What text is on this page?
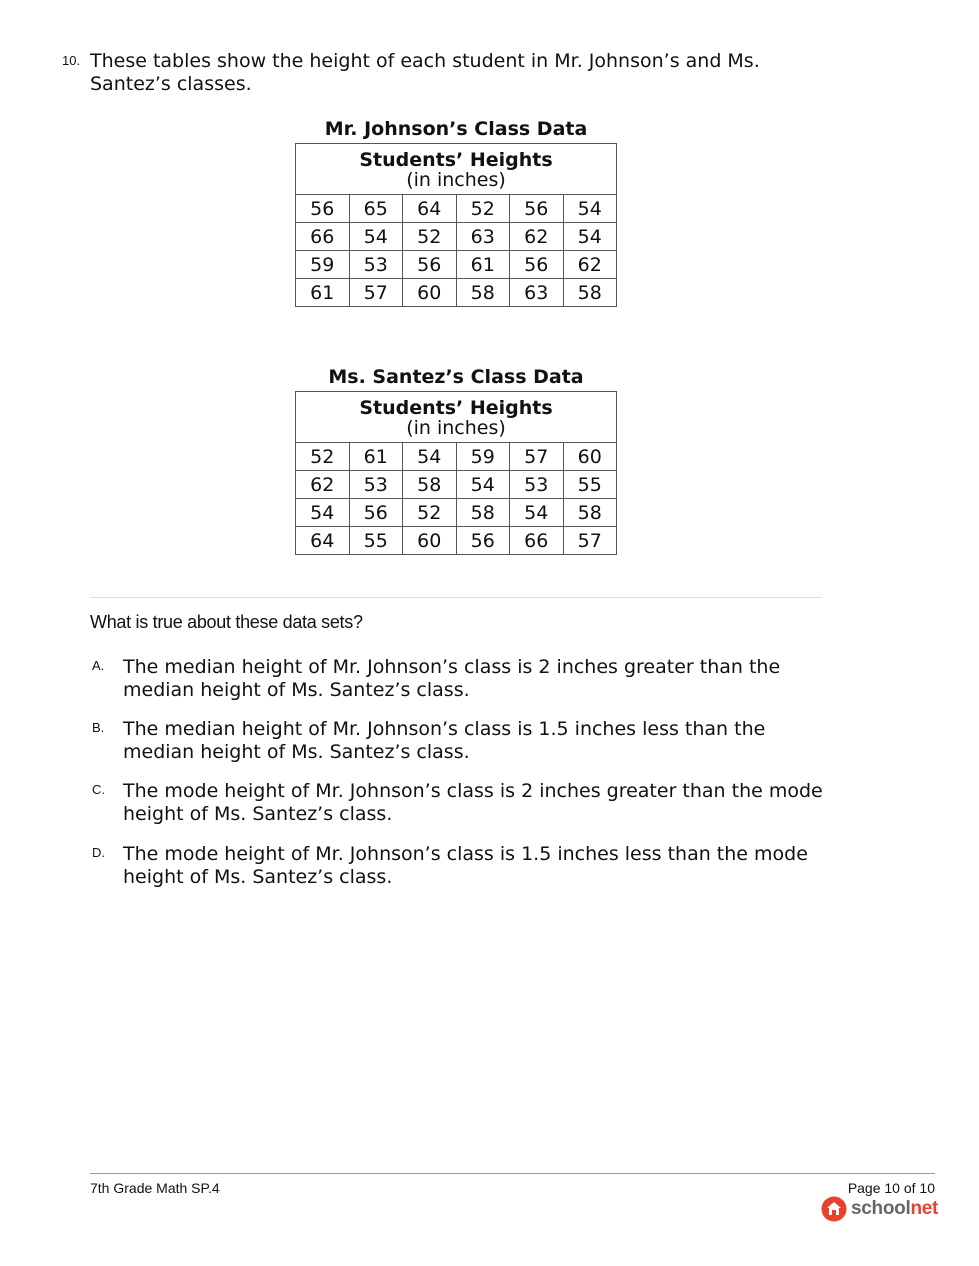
10. These tables show the height of each student in Mr. Johnson’s and Ms. Santez’s classes.
Mr. Johnson’s Class Data
Students’ Heights
(in inches)					

56	65	64	52	56	54
66	54	52	63	62	54
59	53	56	61	56	62
61	57	60	58	63	58
Ms. Santez’s Class Data
Students’ Heights
(in inches)					

52	61	54	59	57	60
62	53	58	54	53	55
54	56	52	58	54	58
64	55	60	56	66	57
What is true about these data sets?
A. The median height of Mr. Johnson’s class is 2 inches greater than the median height of Ms. Santez’s class.
B. The median height of Mr. Johnson’s class is 1.5 inches less than the median height of Ms. Santez’s class.
C. The mode height of Mr. Johnson’s class is 2 inches greater than the mode height of Ms. Santez’s class.
D. The mode height of Mr. Johnson’s class is 1.5 inches less than the mode height of Ms. Santez’s class.
7th Grade Math SP.4	Page 10 of 10
schoolnet
